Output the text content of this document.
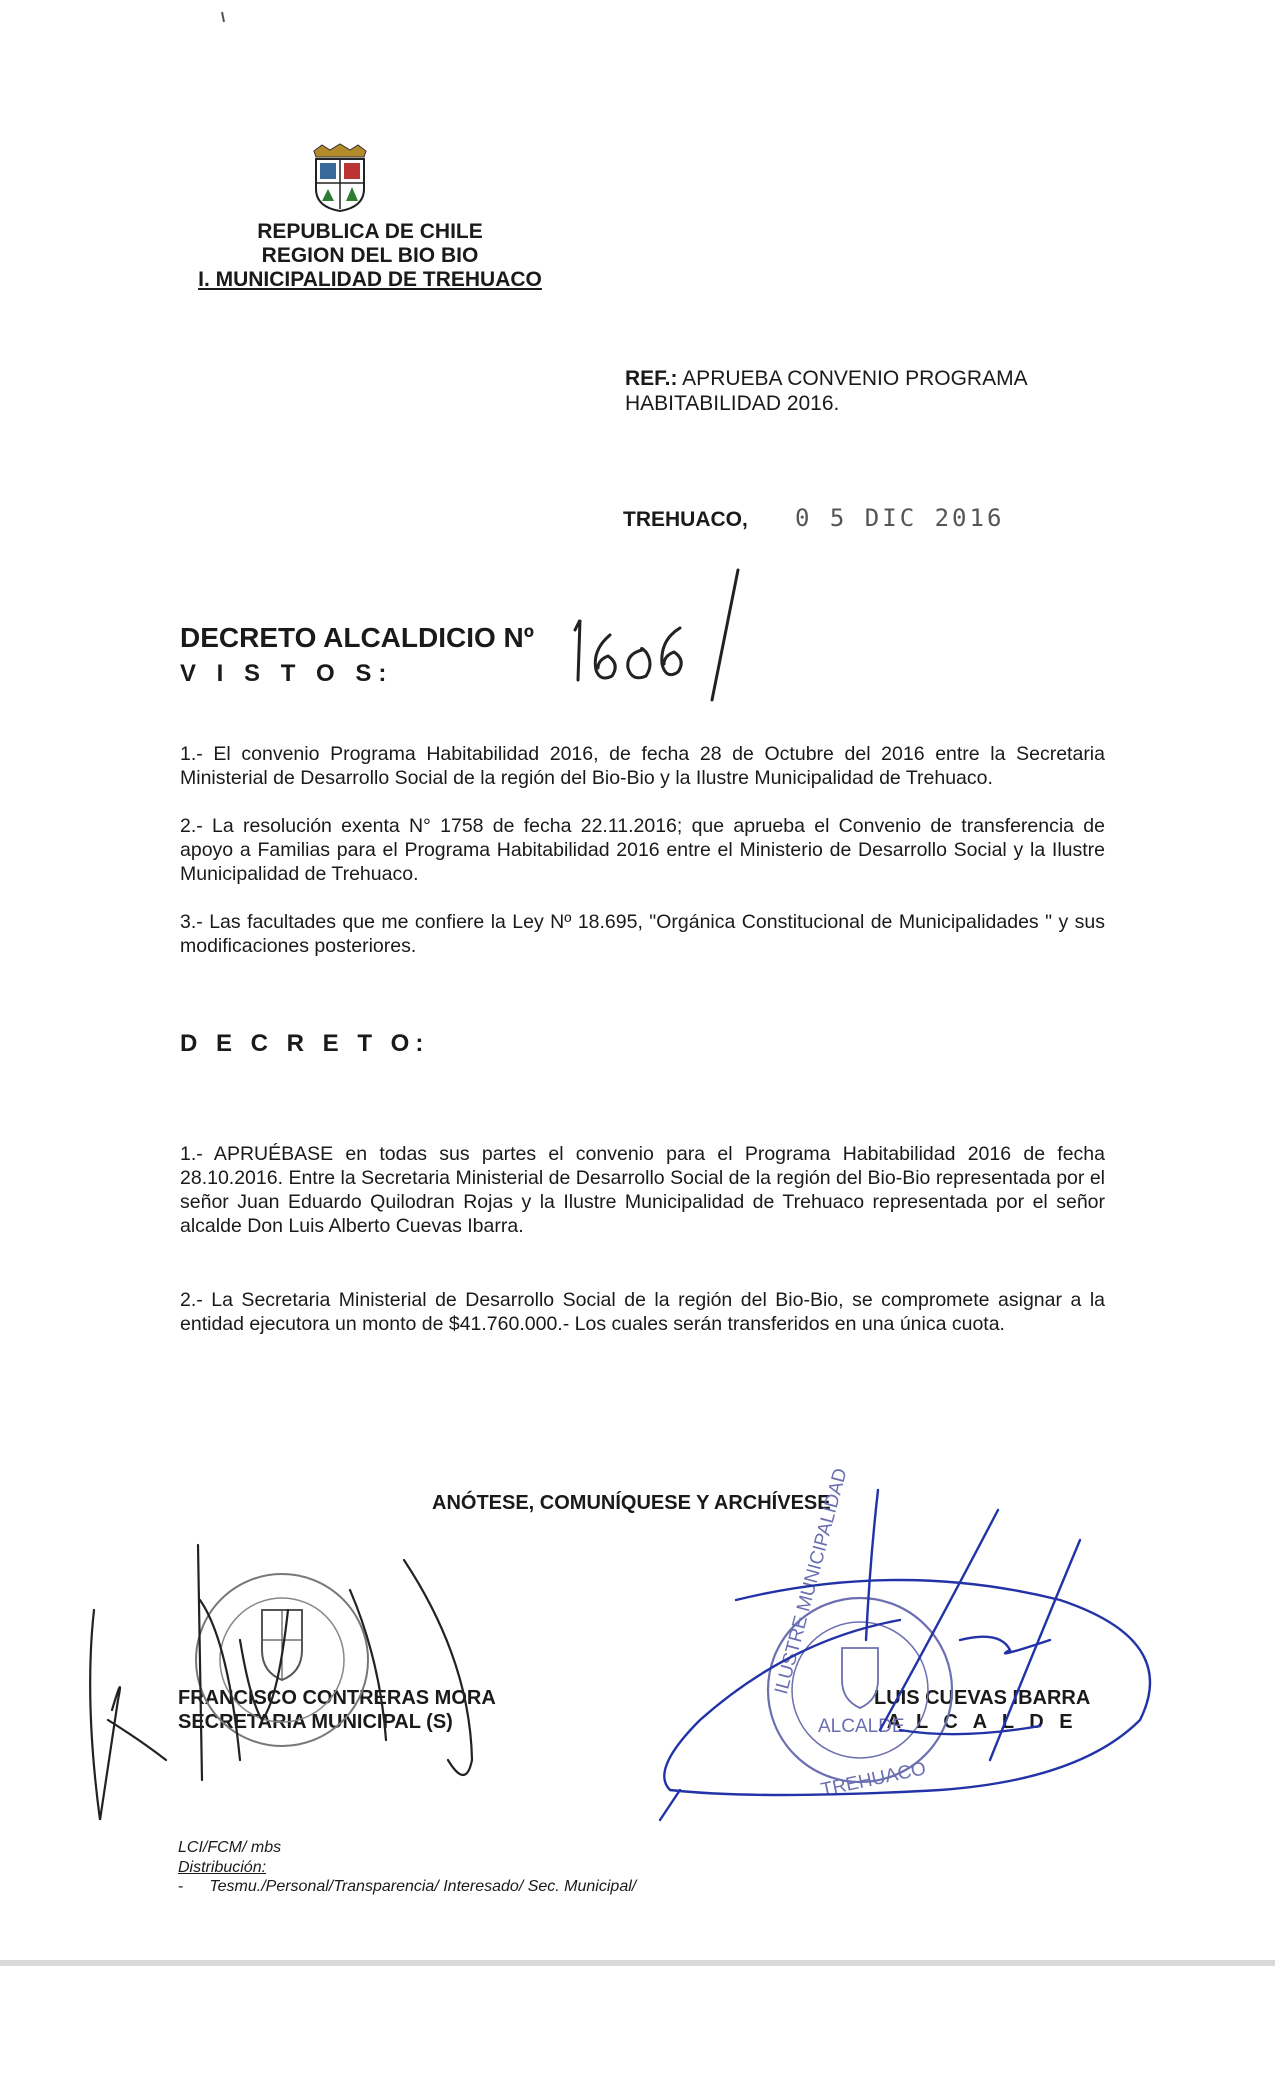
REPUBLICA DE CHILE
REGION DEL BIO BIO
I. MUNICIPALIDAD DE TREHUACO
REF.: APRUEBA CONVENIO PROGRAMA HABITABILIDAD 2016.
TREHUACO, 0 5 DIC 2016
DECRETO ALCALDICIO Nº
V I S T O S:
1.- El convenio Programa Habitabilidad 2016, de fecha 28 de Octubre del 2016 entre la Secretaria Ministerial de Desarrollo Social de la región del Bio-Bio y la Ilustre Municipalidad de Trehuaco.
2.- La resolución exenta N° 1758 de fecha 22.11.2016; que aprueba el Convenio de transferencia de apoyo a Familias para el Programa Habitabilidad 2016 entre el Ministerio de Desarrollo Social y la Ilustre Municipalidad de Trehuaco.
3.- Las facultades que me confiere la Ley Nº 18.695, "Orgánica Constitucional de Municipalidades " y sus modificaciones posteriores.
D E C R E T O:
1.- APRUÉBASE en todas sus partes el convenio para el Programa Habitabilidad 2016 de fecha 28.10.2016. Entre la Secretaria Ministerial de Desarrollo Social de la región del Bio-Bio representada por el señor Juan Eduardo Quilodran Rojas y la Ilustre Municipalidad de Trehuaco representada por el señor alcalde Don Luis Alberto Cuevas Ibarra.
2.- La Secretaria Ministerial de Desarrollo Social de la región del Bio-Bio, se compromete asignar a la entidad ejecutora un monto de $41.760.000.- Los cuales serán transferidos en una única cuota.
ANÓTESE, COMUNÍQUESE Y ARCHÍVESE
FRANCISCO CONTRERAS MORA
SECRETARIA MUNICIPAL (S)
LUIS CUEVAS IBARRA
A L C A L D E
LCI/FCM/ mbs
Distribución:
- Tesmu./Personal/Transparencia/ Interesado/ Sec. Municipal/
ILUSTRE MUNICIPALIDAD
ALCALDE
TREHUACO
